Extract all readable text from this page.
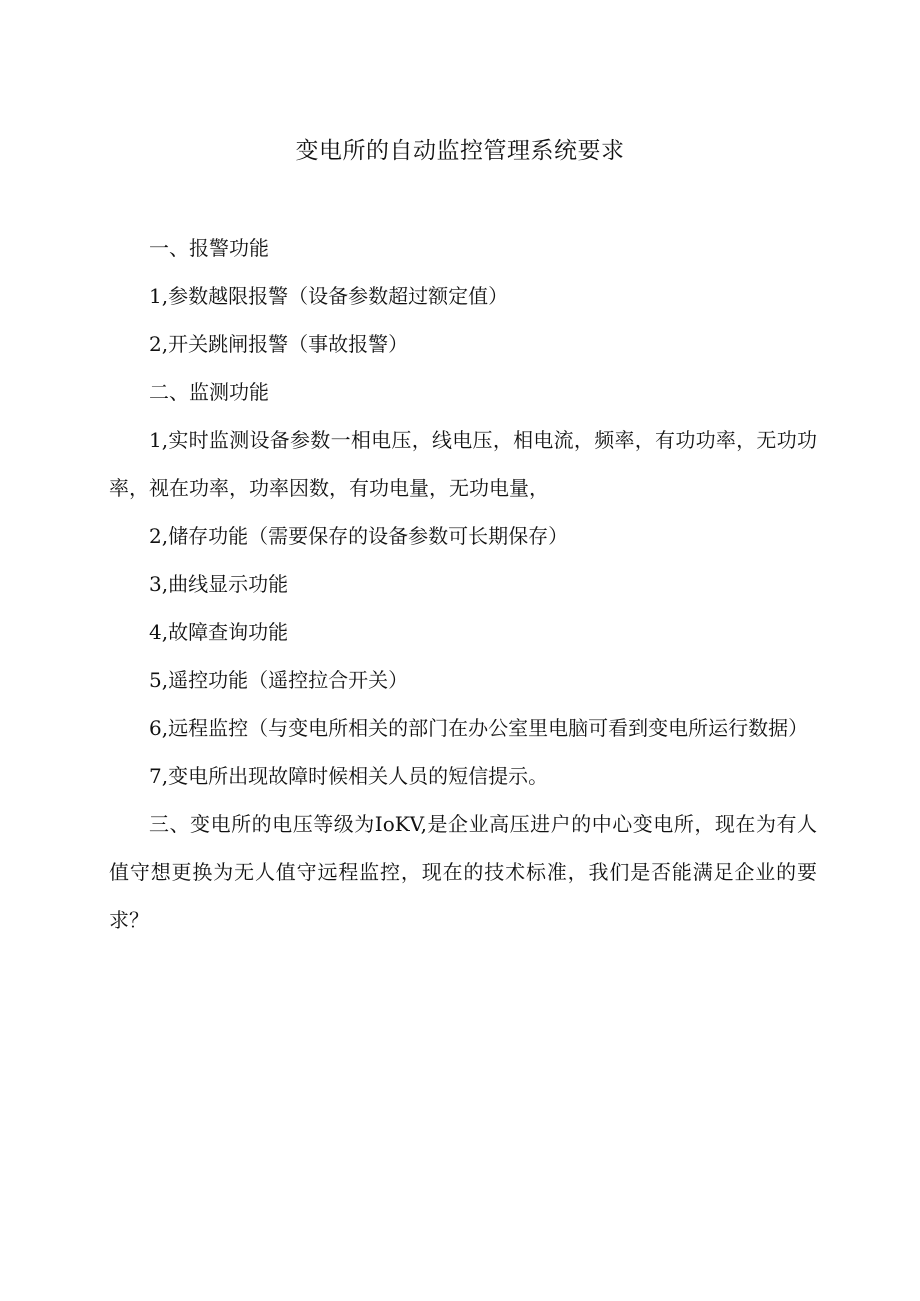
变电所的自动监控管理系统要求

一、报警功能

1,参数越限报警（设备参数超过额定值）

2,开关跳闸报警（事故报警）

二、监测功能

1,实时监测设备参数一相电压，线电压，相电流，频率，有功功率，无功功率，视在功率，功率因数，有功电量，无功电量，

2,储存功能（需要保存的设备参数可长期保存）

3,曲线显示功能

4,故障查询功能

5,遥控功能（遥控拉合开关）

6,远程监控（与变电所相关的部门在办公室里电脑可看到变电所运行数据）

7,变电所出现故障时候相关人员的短信提示。

三、变电所的电压等级为IoKV,是企业高压进户的中心变电所，现在为有人值守想更换为无人值守远程监控，现在的技术标准，我们是否能满足企业的要求？
